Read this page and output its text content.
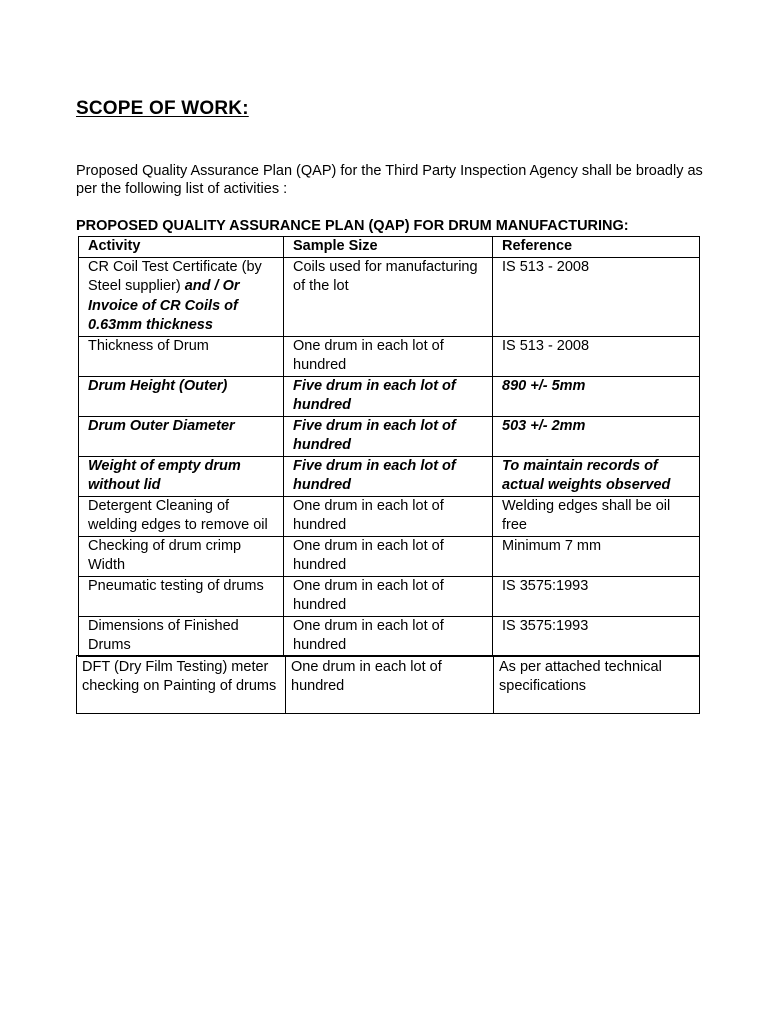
SCOPE OF WORK:
Proposed Quality Assurance Plan (QAP) for the Third Party Inspection Agency shall be broadly as per the following list of activities :
PROPOSED QUALITY ASSURANCE PLAN (QAP) FOR DRUM MANUFACTURING:
Activity	Sample Size	Reference
CR Coil Test Certificate (by Steel supplier) and / Or Invoice of CR Coils of 0.63mm thickness	Coils used for manufacturing of the lot	IS 513 - 2008
Thickness of Drum	One drum in each lot of hundred	IS 513 - 2008
Drum Height (Outer)	Five drum in each lot of hundred	890 +/- 5mm
Drum Outer Diameter	Five drum in each lot of hundred	503 +/- 2mm
Weight of empty drum without lid	Five drum in each lot of hundred	To maintain records of actual weights observed
Detergent Cleaning of welding edges to remove oil	One drum in each lot of hundred	Welding edges shall be oil free
Checking of drum crimp Width	One drum in each lot of hundred	Minimum 7 mm
Pneumatic testing of drums	One drum in each lot of hundred	IS 3575:1993
Dimensions of Finished Drums	One drum in each lot of hundred	IS 3575:1993
DFT (Dry Film Testing) meter checking on Painting of drums	One drum in each lot of hundred	As per attached technical specifications
